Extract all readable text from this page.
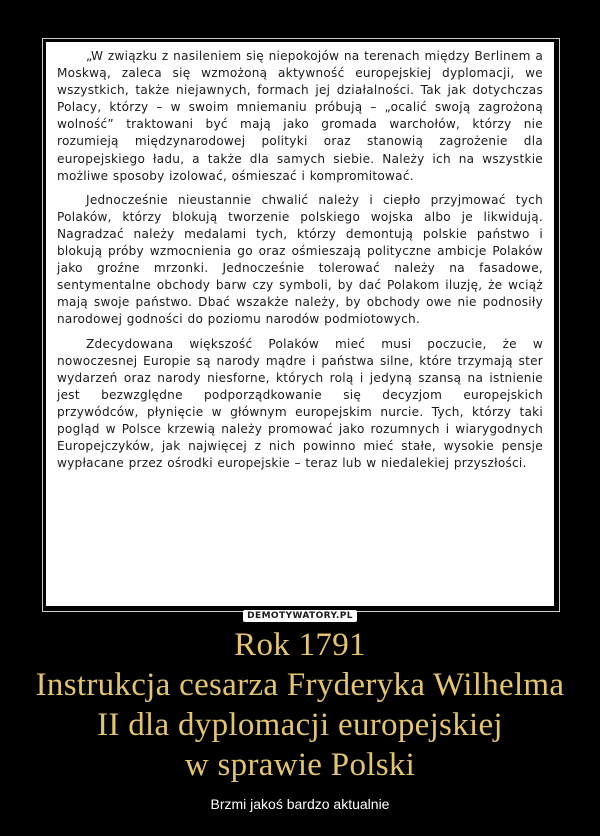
„W związku z nasileniem się niepokojów na terenach między Berlinem a Moskwą, zaleca się wzmożoną aktywność europejskiej dyplomacji, we wszystkich, także niejawnych, formach jej działalności. Tak jak dotychczas Polacy, którzy – w swoim mniemaniu próbują – „ocalić swoją zagrożoną wolność” traktowani być mają jako gromada warchołów, którzy nie rozumieją międzynarodowej polityki oraz stanowią zagrożenie dla europejskiego ładu, a także dla samych siebie. Należy ich na wszystkie możliwe sposoby izolować, ośmieszać i kompromitować.

Jednocześnie nieustannie chwalić należy i ciepło przyjmować tych Polaków, którzy blokują tworzenie polskiego wojska albo je likwidują. Nagradzać należy medalami tych, którzy demontują polskie państwo i blokują próby wzmocnienia go oraz ośmieszają polityczne ambicje Polaków jako groźne mrzonki. Jednocześnie tolerować należy na fasadowe, sentymentalne obchody barw czy symboli, by dać Polakom iluzję, że wciąż mają swoje państwo. Dbać wszakże należy, by obchody owe nie podnosiły narodowej godności do poziomu narodów podmiotowych.

Zdecydowana większość Polaków mieć musi poczucie, że w nowoczesnej Europie są narody mądre i państwa silne, które trzymają ster wydarzeń oraz narody niesforne, których rolą i jedyną szansą na istnienie jest bezwzględne podporządkowanie się decyzjom europejskich przywódców, płynięcie w głównym europejskim nurcie. Tych, którzy taki pogląd w Polsce krzewią należy promować jako rozumnych i wiarygodnych Europejczyków, jak najwięcej z nich powinno mieć stałe, wysokie pensje wypłacane przez ośrodki europejskie – teraz lub w niedalekiej przyszłości.

DEMOTYWATORY.PL
Rok 1791
Instrukcja cesarza Fryderyka Wilhelma
II dla dyplomacji europejskiej
w sprawie Polski
Brzmi jakoś bardzo aktualnie
